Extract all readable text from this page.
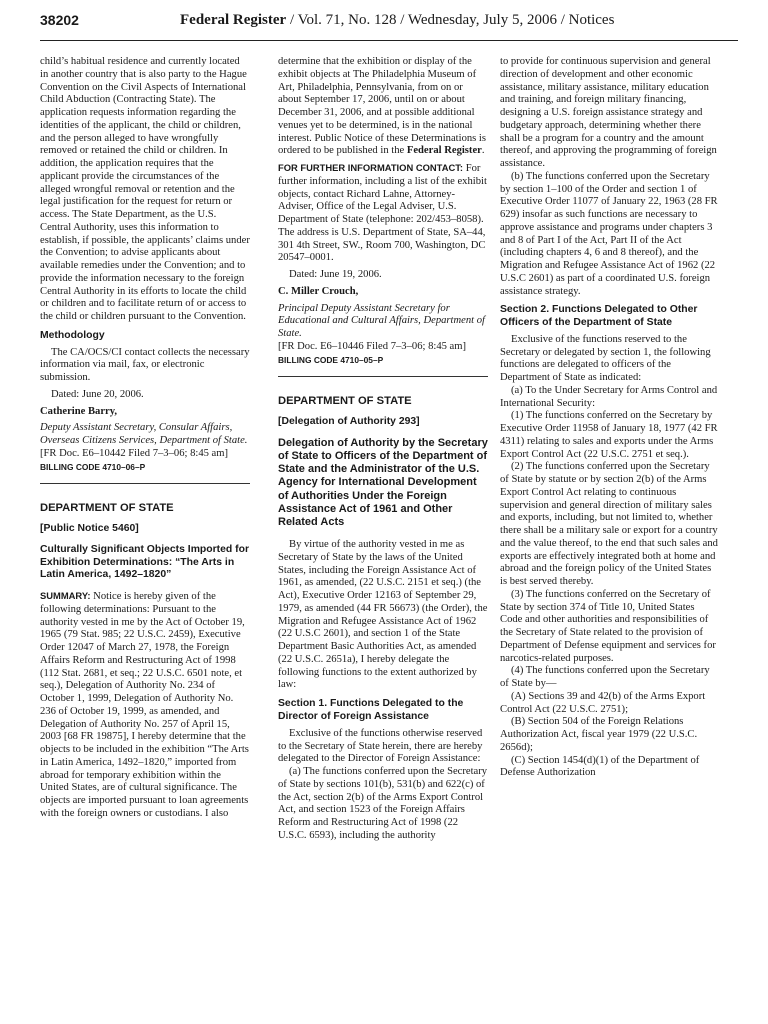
38202	Federal Register / Vol. 71, No. 128 / Wednesday, July 5, 2006 / Notices

child’s habitual residence and currently located in another country that is also party to the Hague Convention on the Civil Aspects of International Child Abduction (Contracting State). The application requests information regarding the identities of the applicant, the child or children, and the person alleged to have wrongfully removed or retained the child or children. In addition, the application requires that the applicant provide the circumstances of the alleged wrongful removal or retention and the legal justification for the request for return or access. The State Department, as the U.S. Central Authority, uses this information to establish, if possible, the applicants’ claims under the Convention; to advise applicants about available remedies under the Convention; and to provide the information necessary to the foreign Central Authority in its efforts to locate the child or children and to facilitate return of or access to the child or children pursuant to the Convention.

Methodology

The CA/OCS/CI contact collects the necessary information via mail, fax, or electronic submission.

Dated: June 20, 2006.

Catherine Barry,

Deputy Assistant Secretary, Consular Affairs, Overseas Citizens Services, Department of State.

[FR Doc. E6–10442 Filed 7–3–06; 8:45 am]

BILLING CODE 4710–06–P

DEPARTMENT OF STATE

[Public Notice 5460]

Culturally Significant Objects Imported for Exhibition Determinations: “The Arts in Latin America, 1492–1820”

SUMMARY: Notice is hereby given of the following determinations: Pursuant to the authority vested in me by the Act of October 19, 1965 (79 Stat. 985; 22 U.S.C. 2459), Executive Order 12047 of March 27, 1978, the Foreign Affairs Reform and Restructuring Act of 1998 (112 Stat. 2681, et seq.; 22 U.S.C. 6501 note, et seq.), Delegation of Authority No. 234 of October 1, 1999, Delegation of Authority No. 236 of October 19, 1999, as amended, and Delegation of Authority No. 257 of April 15, 2003 [68 FR 19875], I hereby determine that the objects to be included in the exhibition “The Arts in Latin America, 1492–1820,” imported from abroad for temporary exhibition within the United States, are of cultural significance. The objects are imported pursuant to loan agreements with the foreign owners or custodians. I also

determine that the exhibition or display of the exhibit objects at The Philadelphia Museum of Art, Philadelphia, Pennsylvania, from on or about September 17, 2006, until on or about December 31, 2006, and at possible additional venues yet to be determined, is in the national interest. Public Notice of these Determinations is ordered to be published in the Federal Register.

FOR FURTHER INFORMATION CONTACT: For further information, including a list of the exhibit objects, contact Richard Lahne, Attorney-Adviser, Office of the Legal Adviser, U.S. Department of State (telephone: 202/453–8058). The address is U.S. Department of State, SA–44, 301 4th Street, SW., Room 700, Washington, DC 20547–0001.

Dated: June 19, 2006.

C. Miller Crouch,

Principal Deputy Assistant Secretary for Educational and Cultural Affairs, Department of State.

[FR Doc. E6–10446 Filed 7–3–06; 8:45 am]

BILLING CODE 4710–05–P

DEPARTMENT OF STATE

[Delegation of Authority 293]

Delegation of Authority by the Secretary of State to Officers of the Department of State and the Administrator of the U.S. Agency for International Development of Authorities Under the Foreign Assistance Act of 1961 and Other Related Acts

By virtue of the authority vested in me as Secretary of State by the laws of the United States, including the Foreign Assistance Act of 1961, as amended, (22 U.S.C. 2151 et seq.) (the Act), Executive Order 12163 of September 29, 1979, as amended (44 FR 56673) (the Order), the Migration and Refugee Assistance Act of 1962 (22 U.S.C 2601), and section 1 of the State Department Basic Authorities Act, as amended (22 U.S.C. 2651a), I hereby delegate the following functions to the extent authorized by law:

Section 1. Functions Delegated to the Director of Foreign Assistance

Exclusive of the functions otherwise reserved to the Secretary of State herein, there are hereby delegated to the Director of Foreign Assistance:

(a) The functions conferred upon the Secretary of State by sections 101(b), 531(b) and 622(c) of the Act, section 2(b) of the Arms Export Control Act, and section 1523 of the Foreign Affairs Reform and Restructuring Act of 1998 (22 U.S.C. 6593), including the authority

to provide for continuous supervision and general direction of development and other economic assistance, military assistance, military education and training, and foreign military financing, designing a U.S. foreign assistance strategy and budgetary approach, determining whether there shall be a program for a country and the amount thereof, and approving the programming of foreign assistance.

(b) The functions conferred upon the Secretary by section 1–100 of the Order and section 1 of Executive Order 11077 of January 22, 1963 (28 FR 629) insofar as such functions are necessary to approve assistance and programs under chapters 3 and 8 of Part I of the Act, Part II of the Act (including chapters 4, 6 and 8 thereof), and the Migration and Refugee Assistance Act of 1962 (22 U.S.C 2601) as part of a coordinated U.S. foreign assistance strategy.

Section 2. Functions Delegated to Other Officers of the Department of State

Exclusive of the functions reserved to the Secretary or delegated by section 1, the following functions are delegated to officers of the Department of State as indicated:

(a) To the Under Secretary for Arms Control and International Security:

(1) The functions conferred on the Secretary by Executive Order 11958 of January 18, 1977 (42 FR 4311) relating to sales and exports under the Arms Export Control Act (22 U.S.C. 2751 et seq.).

(2) The functions conferred upon the Secretary of State by statute or by section 2(b) of the Arms Export Control Act relating to continuous supervision and general direction of military sales and exports, including, but not limited to, whether there shall be a military sale or export for a country and the value thereof, to the end that such sales and exports are effectively integrated both at home and abroad and the foreign policy of the United States is best served thereby.

(3) The functions conferred on the Secretary of State by section 374 of Title 10, United States Code and other authorities and responsibilities of the Secretary of State related to the provision of Department of Defense equipment and services for narcotics-related purposes.

(4) The functions conferred upon the Secretary of State by—

(A) Sections 39 and 42(b) of the Arms Export Control Act (22 U.S.C. 2751);

(B) Section 504 of the Foreign Relations Authorization Act, fiscal year 1979 (22 U.S.C. 2656d);

(C) Section 1454(d)(1) of the Department of Defense Authorization
